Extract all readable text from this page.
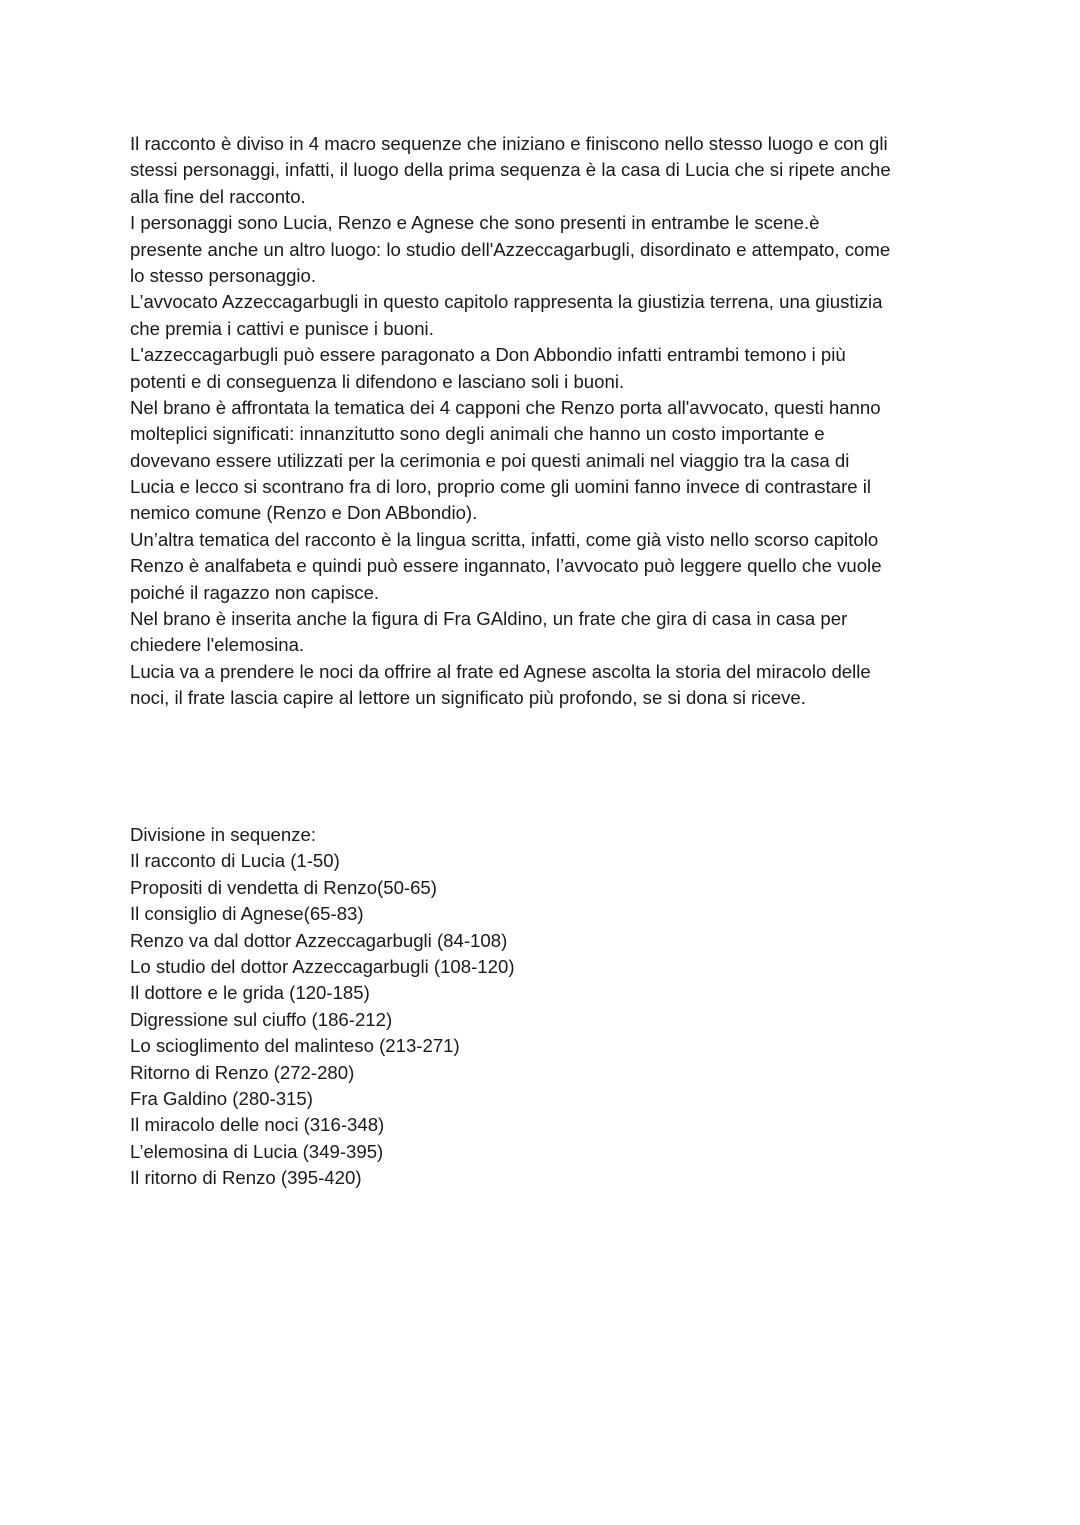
Il racconto è diviso in 4 macro sequenze che iniziano e finiscono nello stesso luogo e con gli
stessi personaggi, infatti, il luogo della prima sequenza è la casa di Lucia che si ripete anche
alla fine del racconto.
I personaggi sono Lucia, Renzo e Agnese che sono presenti in entrambe le scene.è
presente anche un altro luogo: lo studio dell'Azzeccagarbugli, disordinato e attempato, come
lo stesso personaggio.
L’avvocato Azzeccagarbugli in questo capitolo rappresenta la giustizia terrena, una giustizia
che premia i cattivi e punisce i buoni.
L'azzeccagarbugli può essere paragonato a Don Abbondio infatti entrambi temono i più
potenti e di conseguenza li difendono e lasciano soli i buoni.
Nel brano è affrontata la tematica dei 4 capponi che Renzo porta all'avvocato, questi hanno
molteplici significati: innanzitutto sono degli animali che hanno un costo importante e
dovevano essere utilizzati per la cerimonia e poi questi animali nel viaggio tra la casa di
Lucia e lecco si scontrano fra di loro, proprio come gli uomini fanno invece di contrastare il
nemico comune (Renzo e Don ABbondio).
Un’altra tematica del racconto è la lingua scritta, infatti, come già visto nello scorso capitolo
Renzo è analfabeta e quindi può essere ingannato, l’avvocato può leggere quello che vuole
poiché il ragazzo non capisce.
Nel brano è inserita anche la figura di Fra GAldino, un frate che gira di casa in casa per
chiedere l'elemosina.
Lucia va a prendere le noci da offrire al frate ed Agnese ascolta la storia del miracolo delle
noci, il frate lascia capire al lettore un significato più profondo, se si dona si riceve.
Divisione in sequenze:
Il racconto di Lucia (1-50)
Propositi di vendetta di Renzo(50-65)
Il consiglio di Agnese(65-83)
Renzo va dal dottor Azzeccagarbugli (84-108)
Lo studio del dottor Azzeccagarbugli (108-120)
Il dottore e le grida (120-185)
Digressione sul ciuffo (186-212)
Lo scioglimento del malinteso (213-271)
Ritorno di Renzo (272-280)
Fra Galdino (280-315)
Il miracolo delle noci (316-348)
L’elemosina di Lucia (349-395)
Il ritorno di Renzo (395-420)
